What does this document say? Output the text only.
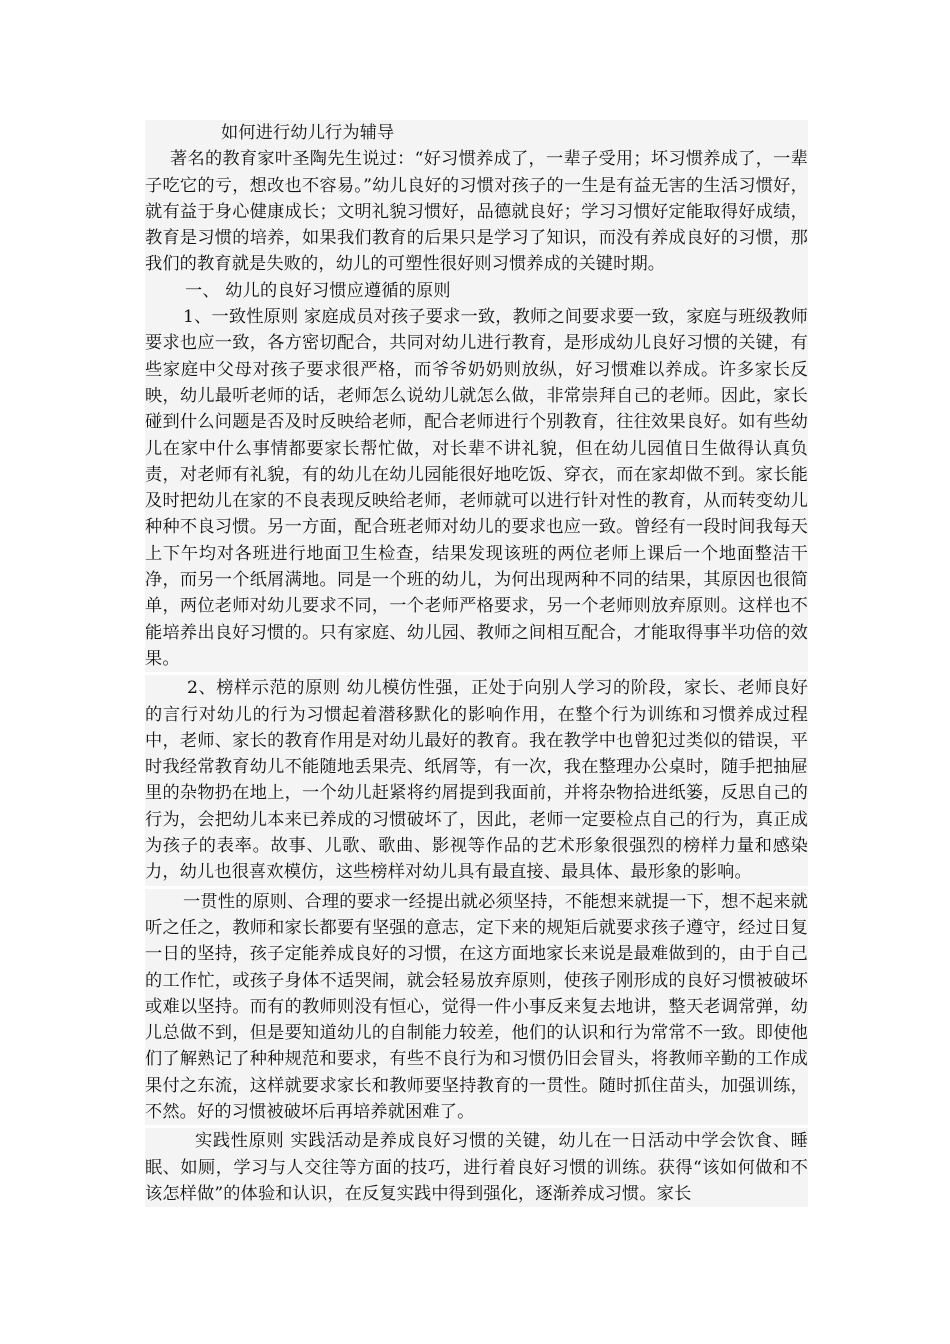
如何进行幼儿行为辅导

著名的教育家叶圣陶先生说过：“好习惯养成了，一辈子受用；坏习惯养成了，一辈子吃它的亏，想改也不容易。”幼儿良好的习惯对孩子的一生是有益无害的生活习惯好，就有益于身心健康成长；文明礼貌习惯好，品德就良好；学习习惯好定能取得好成绩，教育是习惯的培养，如果我们教育的后果只是学习了知识，而没有养成良好的习惯，那我们的教育就是失败的，幼儿的可塑性很好则习惯养成的关键时期。

一、 幼儿的良好习惯应遵循的原则

1、一致性原则 家庭成员对孩子要求一致，教师之间要求要一致，家庭与班级教师要求也应一致，各方密切配合，共同对幼儿进行教育，是形成幼儿良好习惯的关键，有些家庭中父母对孩子要求很严格，而爷爷奶奶则放纵，好习惯难以养成。许多家长反映，幼儿最听老师的话，老师怎么说幼儿就怎么做，非常崇拜自己的老师。因此，家长碰到什么问题是否及时反映给老师，配合老师进行个别教育，往往效果良好。如有些幼儿在家中什么事情都要家长帮忙做，对长辈不讲礼貌，但在幼儿园值日生做得认真负责，对老师有礼貌，有的幼儿在幼儿园能很好地吃饭、穿衣，而在家却做不到。家长能及时把幼儿在家的不良表现反映给老师，老师就可以进行针对性的教育，从而转变幼儿种种不良习惯。另一方面，配合班老师对幼儿的要求也应一致。曾经有一段时间我每天上下午均对各班进行地面卫生检查，结果发现该班的两位老师上课后一个地面整洁干净，而另一个纸屑满地。同是一个班的幼儿，为何出现两种不同的结果，其原因也很简单，两位老师对幼儿要求不同，一个老师严格要求，另一个老师则放弃原则。这样也不能培养出良好习惯的。只有家庭、幼儿园、教师之间相互配合，才能取得事半功倍的效果。

2、榜样示范的原则 幼儿模仿性强，正处于向别人学习的阶段，家长、老师良好的言行对幼儿的行为习惯起着潜移默化的影响作用，在整个行为训练和习惯养成过程中，老师、家长的教育作用是对幼儿最好的教育。我在教学中也曾犯过类似的错误，平时我经常教育幼儿不能随地丢果壳、纸屑等，有一次，我在整理办公桌时，随手把抽屉里的杂物扔在地上，一个幼儿赶紧将约屑提到我面前，并将杂物拾进纸篓，反思自己的行为，会把幼儿本来已养成的习惯破坏了，因此，老师一定要检点自己的行为，真正成为孩子的表率。故事、儿歌、歌曲、影视等作品的艺术形象很强烈的榜样力量和感染力，幼儿也很喜欢模仿，这些榜样对幼儿具有最直接、最具体、最形象的影响。

一贯性的原则、合理的要求一经提出就必须坚持，不能想来就提一下，想不起来就听之任之，教师和家长都要有坚强的意志，定下来的规矩后就要求孩子遵守，经过日复一日的坚持，孩子定能养成良好的习惯，在这方面地家长来说是最难做到的，由于自己的工作忙，或孩子身体不适哭闹，就会轻易放弃原则，使孩子刚形成的良好习惯被破坏或难以坚持。而有的教师则没有恒心，觉得一件小事反来复去地讲，整天老调常弹，幼儿总做不到，但是要知道幼儿的自制能力较差，他们的认识和行为常常不一致。即使他们了解熟记了种种规范和要求，有些不良行为和习惯仍旧会冒头，将教师辛勤的工作成果付之东流，这样就要求家长和教师要坚持教育的一贯性。随时抓住苗头，加强训练，不然。好的习惯被破坏后再培养就困难了。

实践性原则 实践活动是养成良好习惯的关键，幼儿在一日活动中学会饮食、睡眠、如厕，学习与人交往等方面的技巧，进行着良好习惯的训练。获得“该如何做和不该怎样做”的体验和认识，在反复实践中得到强化，逐渐养成习惯。家长
